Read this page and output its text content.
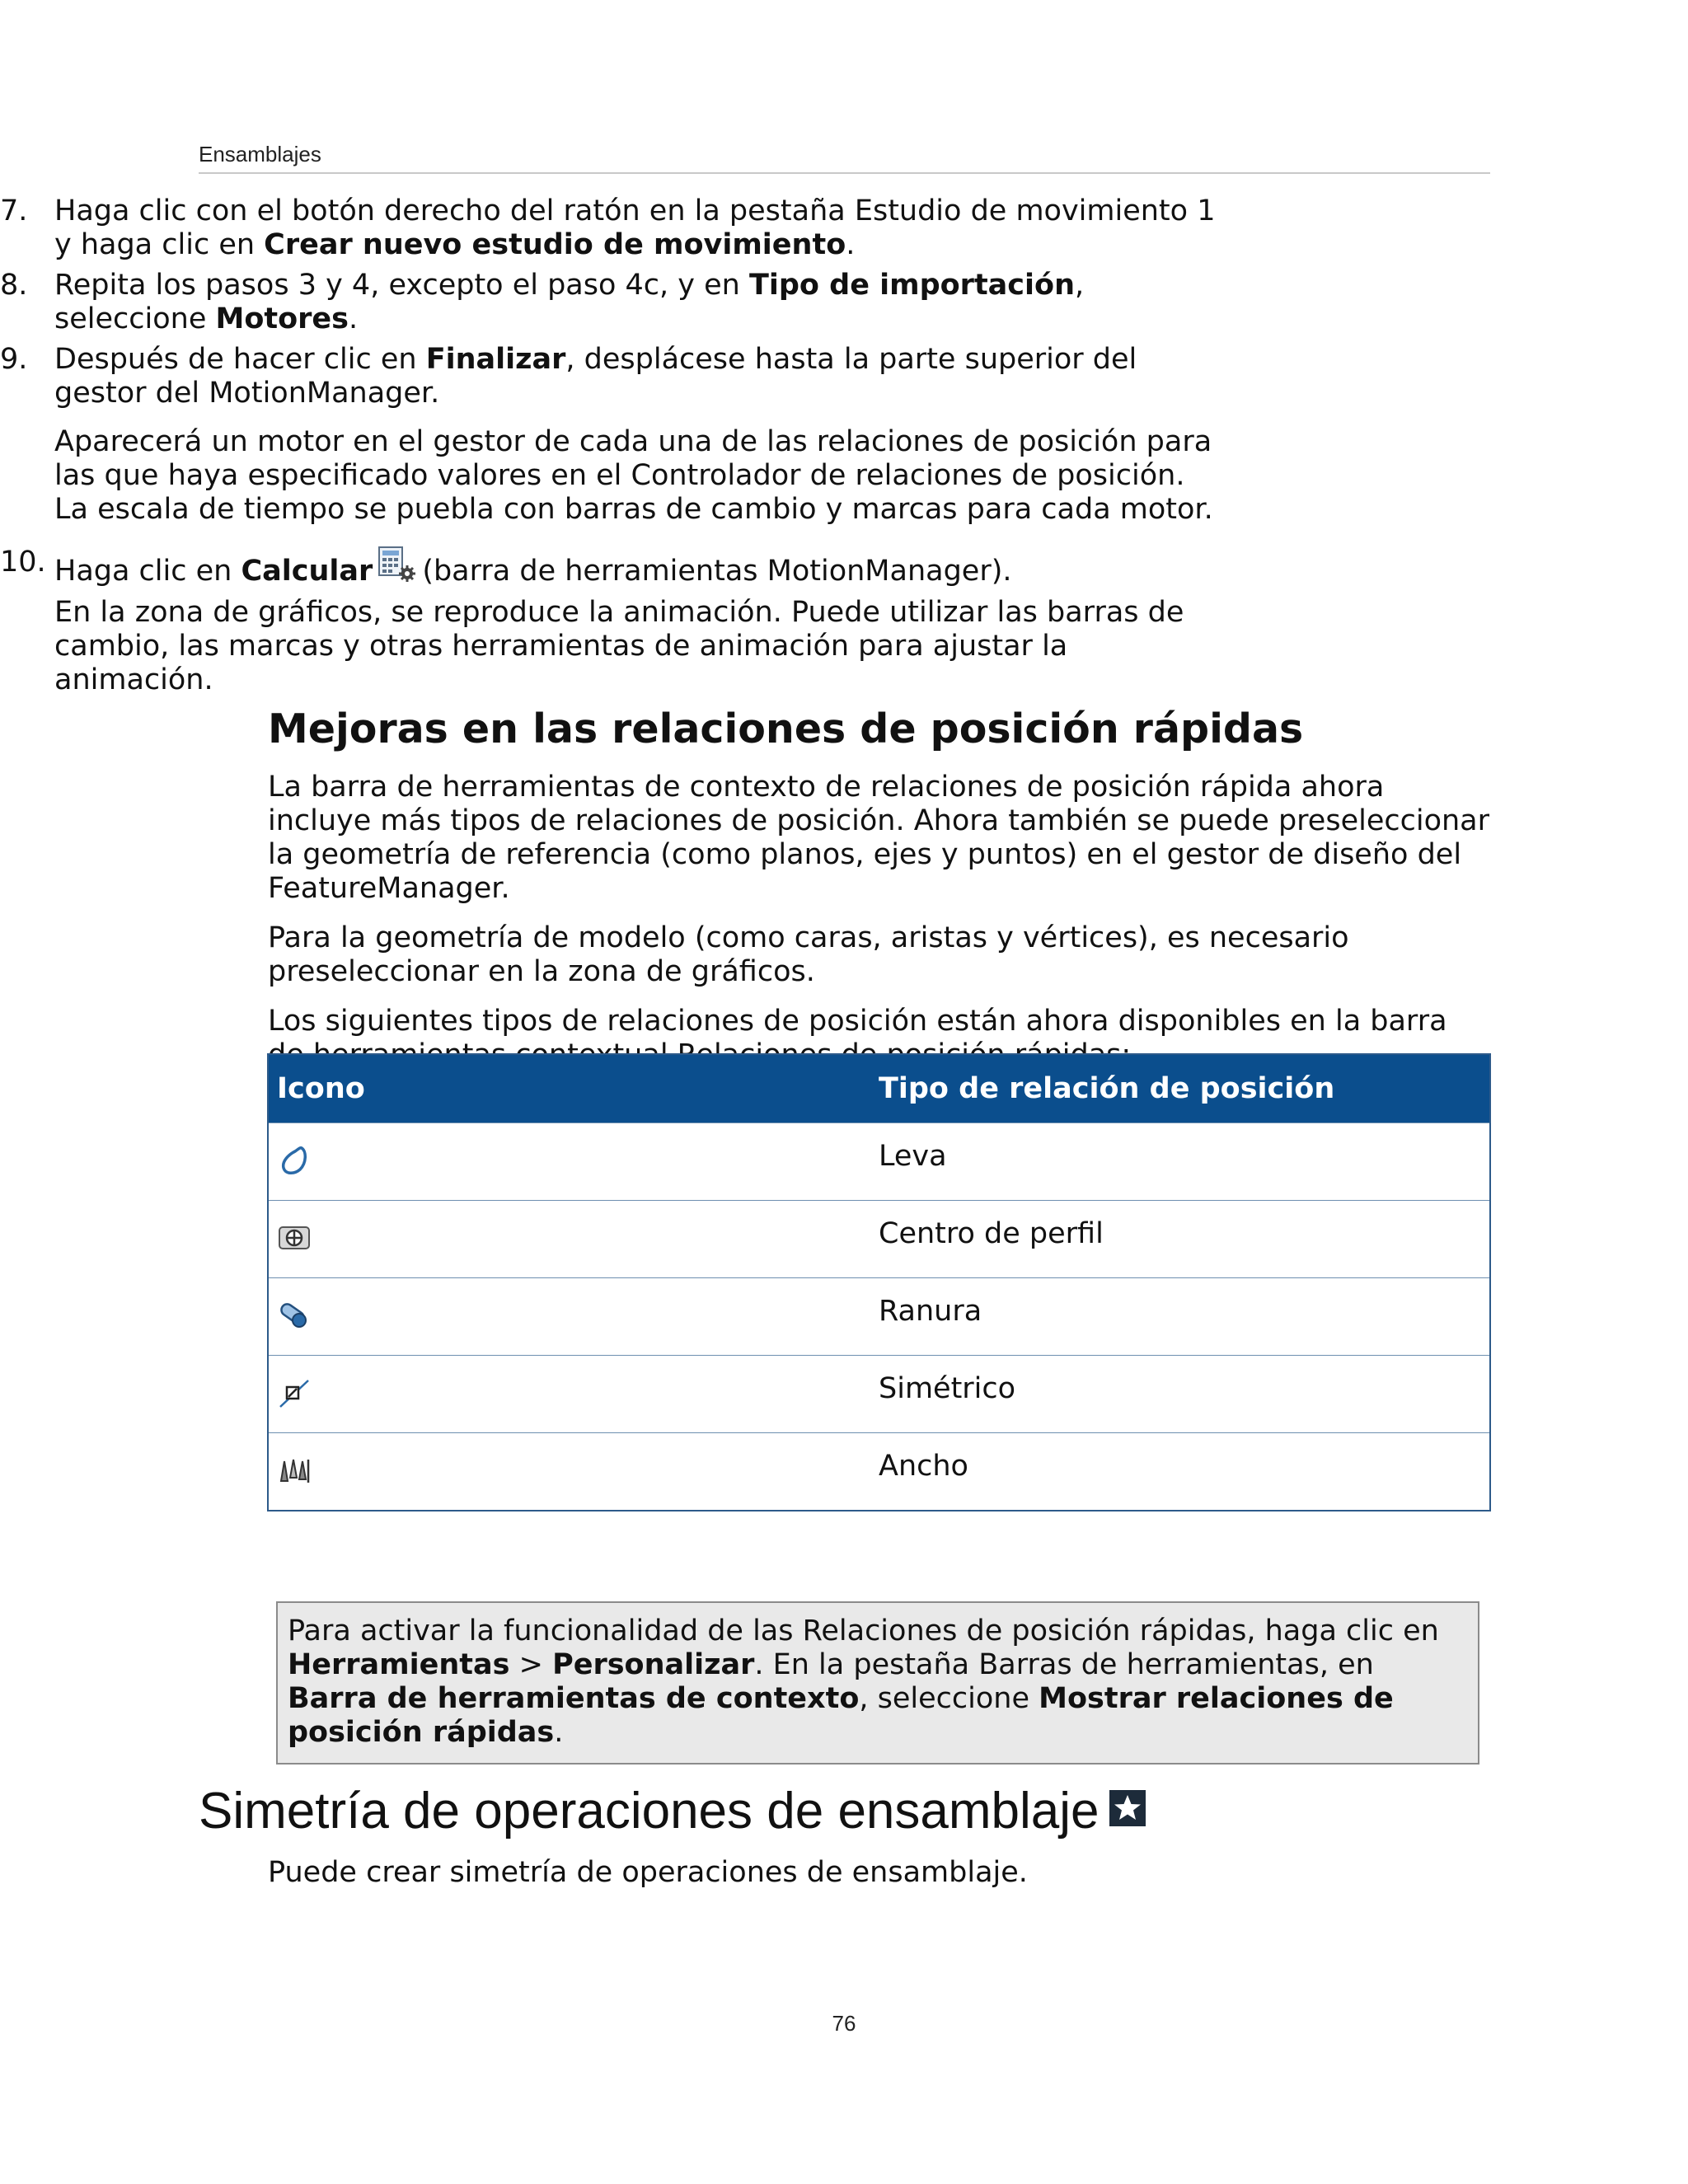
Ensamblajes
7. Haga clic con el botón derecho del ratón en la pestaña Estudio de movimiento 1 y haga clic en Crear nuevo estudio de movimiento.

8. Repita los pasos 3 y 4, excepto el paso 4c, y en Tipo de importación, seleccione Motores.

9. Después de hacer clic en Finalizar, desplácese hasta la parte superior del gestor del MotionManager.

Aparecerá un motor en el gestor de cada una de las relaciones de posición para las que haya especificado valores en el Controlador de relaciones de posición. La escala de tiempo se puebla con barras de cambio y marcas para cada motor.

10. Haga clic en Calcular (barra de herramientas MotionManager).

En la zona de gráficos, se reproduce la animación. Puede utilizar las barras de cambio, las marcas y otras herramientas de animación para ajustar la animación.

Mejoras en las relaciones de posición rápidas

La barra de herramientas de contexto de relaciones de posición rápida ahora incluye más tipos de relaciones de posición. Ahora también se puede preseleccionar la geometría de referencia (como planos, ejes y puntos) en el gestor de diseño del FeatureManager.

Para la geometría de modelo (como caras, aristas y vértices), es necesario preseleccionar en la zona de gráficos.

Los siguientes tipos de relaciones de posición están ahora disponibles en la barra

Icono	Tipo de relación de posición

	Leva

	Centro de perfil

	Ranura

	Simétrico

	Ancho

Para activar la funcionalidad de las Relaciones de posición rápidas, haga clic en Herramientas > Personalizar. En la pestaña Barras de herramientas, en Barra de herramientas de contexto, seleccione Mostrar relaciones de posición rápidas.

Simetría de operaciones de ensamblaje

Puede crear simetría de operaciones de ensamblaje.

76
